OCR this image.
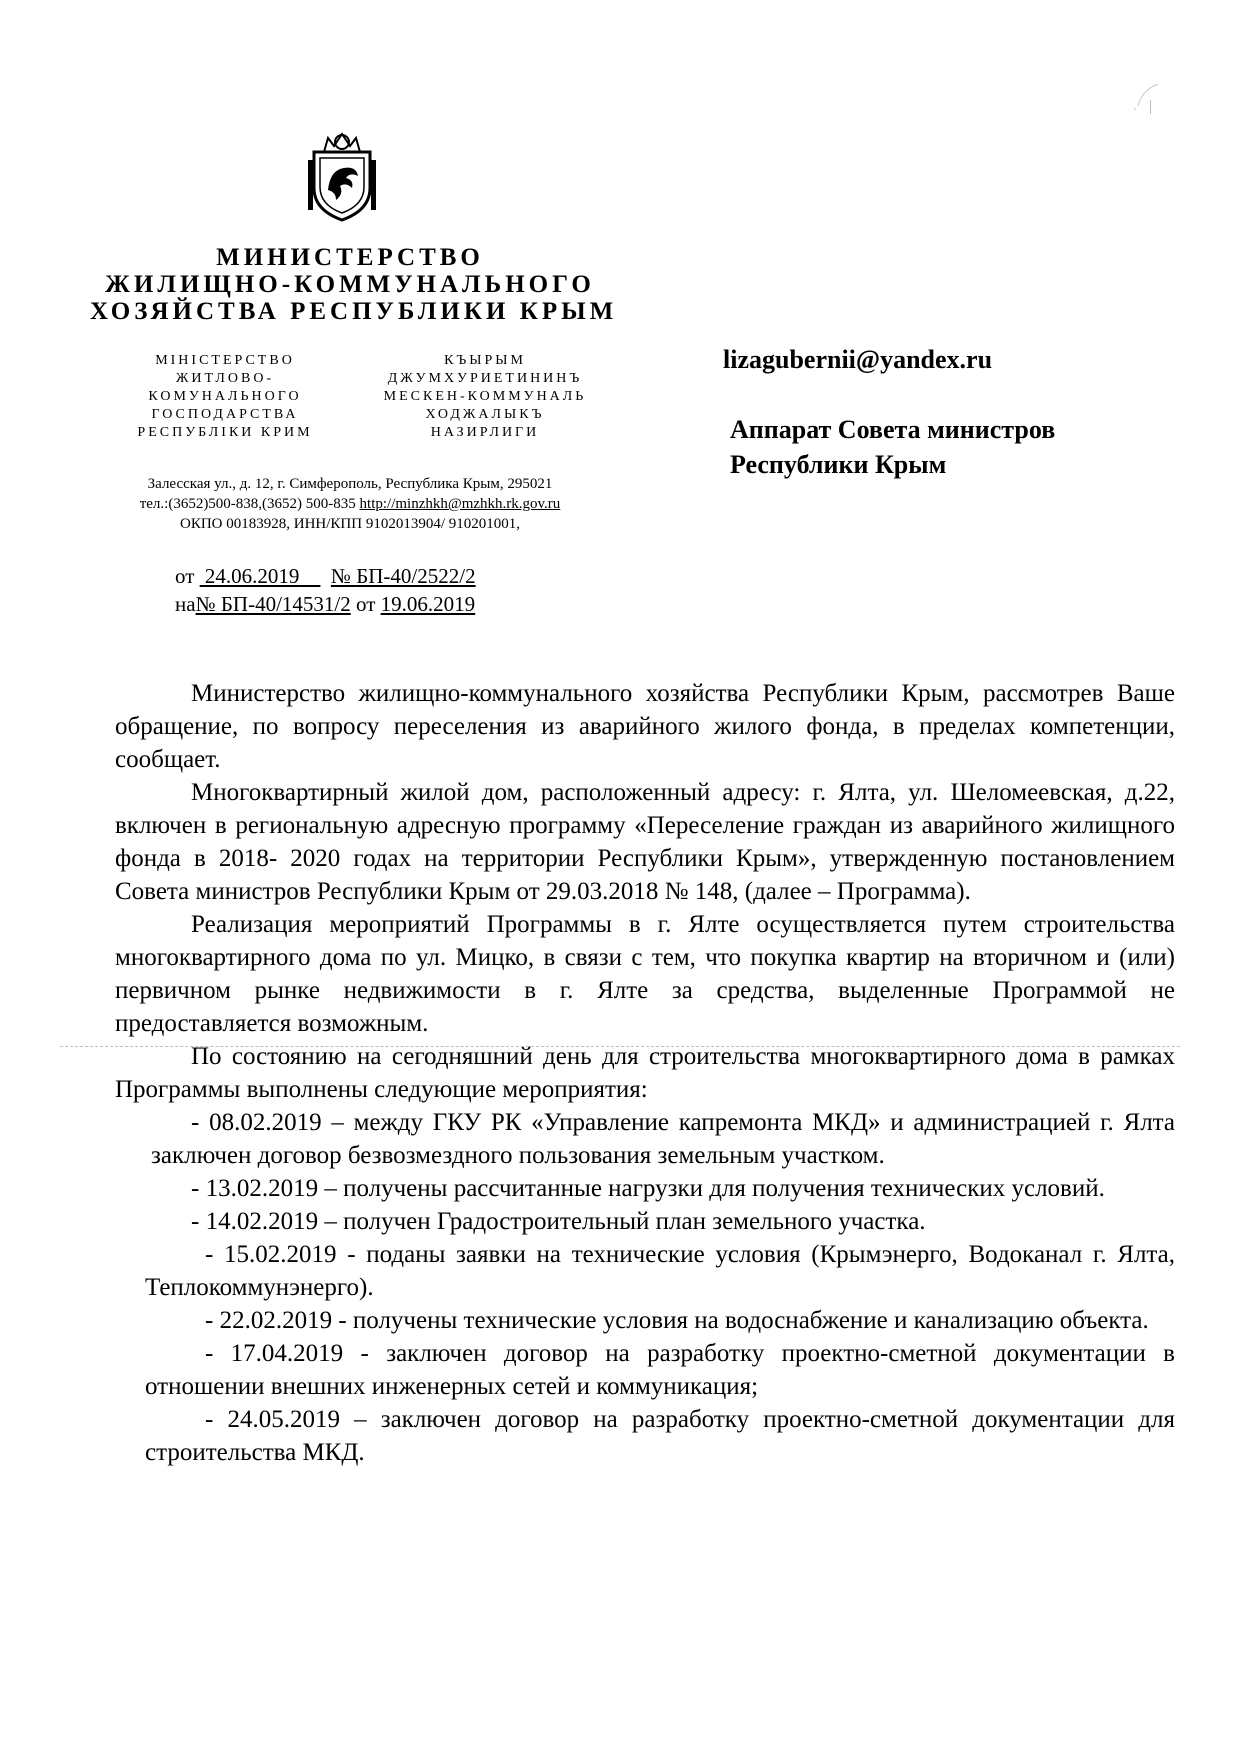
МИНИСТЕРСТВО
ЖИЛИЩНО-КОММУНАЛЬНОГО
ХОЗЯЙСТВА РЕСПУБЛИКИ КРЫМ
МІНІСТЕРСТВО
ЖИТЛОВО-
КОМУНАЛЬНОГО
ГОСПОДАРСТВА
РЕСПУБЛІКИ КРИМ
КЪЫРЫМ
ДЖУМХУРИЕТИНИНЪ
МЕСКЕН-КОММУНАЛЬ
ХОДЖАЛЫКЪ
НАЗИРЛИГИ
Залесская ул., д. 12, г. Симферополь, Республика Крым, 295021
тел.:(3652)500-838,(3652) 500-835 http://minzhkh@mzhkh.rk.gov.ru
ОКПО 00183928, ИНН/КПП 9102013904/ 910201001,
от 24.06.2019 № БП-40/2522/2
на№ БП-40/14531/2 от 19.06.2019
lizagubernii@yandex.ru
Аппарат Совета министров
Республики Крым

Министерство жилищно-коммунального хозяйства Республики Крым, рассмотрев Ваше обращение, по вопросу переселения из аварийного жилого фонда, в пределах компетенции, сообщает.

Многоквартирный жилой дом, расположенный адресу: г. Ялта, ул. Шеломеевская, д.22, включен в региональную адресную программу «Переселение граждан из аварийного жилищного фонда в 2018- 2020 годах на территории Республики Крым», утвержденную постановлением Совета министров Республики Крым от 29.03.2018 № 148, (далее – Программа).

Реализация мероприятий Программы в г. Ялте осуществляется путем строительства многоквартирного дома по ул. Мицко, в связи с тем, что покупка квартир на вторичном и (или) первичном рынке недвижимости в г. Ялте за средства, выделенные Программой не предоставляется возможным.

По состоянию на сегодняшний день для строительства многоквартирного дома в рамках Программы выполнены следующие мероприятия:

- 08.02.2019 – между ГКУ РК «Управление капремонта МКД» и администрацией г. Ялта заключен договор безвозмездного пользования земельным участком.

- 13.02.2019 – получены рассчитанные нагрузки для получения технических условий.

- 14.02.2019 – получен Градостроительный план земельного участка.

- 15.02.2019 - поданы заявки на технические условия (Крымэнерго, Водоканал г. Ялта, Теплокоммунэнерго).

- 22.02.2019 - получены технические условия на водоснабжение и канализацию объекта.

- 17.04.2019 - заключен договор на разработку проектно-сметной документации в отношении внешних инженерных сетей и коммуникация;

- 24.05.2019 – заключен договор на разработку проектно-сметной документации для строительства МКД.
